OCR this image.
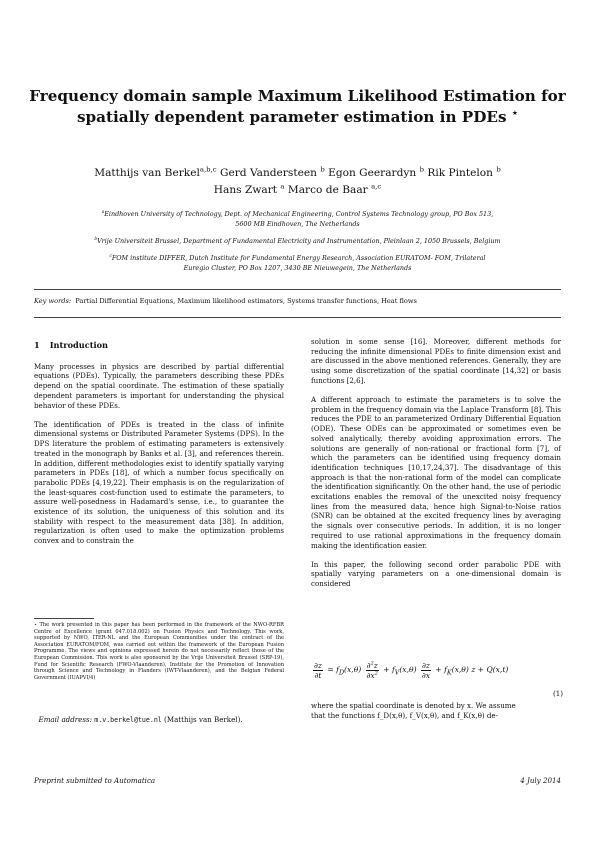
Frequency domain sample Maximum Likelihood Estimation for
spatially dependent parameter estimation in PDEs ⋆
Matthijs van Berkel$^{a,b,c}$ Gerd Vandersteen $^b$ Egon Geerardyn $^b$ Rik Pintelon $^b$
Hans Zwart $^a$ Marco de Baar $^{a,c}$
$^a$Eindhoven University of Technology, Dept. of Mechanical Engineering, Control Systems Technology group, PO Box 513,
5600 MB Eindhoven, The Netherlands
$^b$Vrije Universiteit Brussel, Department of Fundamental Electricity and Instrumentation, Pleinlaan 2, 1050 Brussels, Belgium
$^c$FOM institute DIFFER, Dutch Institute for Fundamental Energy Research, Association EURATOM- FOM, Trilateral
Euregio Cluster, PO Box 1207, 3430 BE Nieuwegein, The Netherlands
Key words: Partial Differential Equations, Maximum likelihood estimators, Systems transfer functions, Heat flows
1 Introduction

Many processes in physics are described by partial differential equations (PDEs). Typically, the parameters describing these PDEs depend on the spatial coordinate. The estimation of these spatially dependent parameters is important for understanding the physical behavior of these PDEs.

The identification of PDEs is treated in the class of infinite dimensional systems or Distributed Parameter Systems (DPS). In the DPS literature the problem of estimating parameters is extensively treated in the monograph by Banks et al. [3], and references therein. In addition, different methodologies exist to identify spatially varying parameters in PDEs [18], of which a number focus specifically on parabolic PDEs [4,19,22]. Their emphasis is on the regularization of the least-squares cost-function used to estimate the parameters, to assure well-posedness in Hadamard's sense, i.e., to guarantee the existence of its solution, the uniqueness of this solution and its stability with respect to the measurement data [38]. In addition, regularization is often used to make the optimization problems convex and to constrain the

⋆ The work presented in this paper has been performed in the framework of the NWO-RFBR Centre of Excellence (grant 047.018.002) on Fusion Physics and Technology. This work, supported by NWO, ITER-NL and the European Communities under the contract of the Association EURATOM/FOM, was carried out within the framework of the European Fusion Programme. The views and opinions expressed herein do not necessarily reflect those of the European Commission. This work is also sponsored by the Vrije Universiteit Brussel (SRP-19), Fund for Scientific Research (FWO-Vlaanderen), Institute for the Promotion of Innovation through Science and Technology in Flanders (IWT-Vlaanderen), and the Belgian Federal Government (IUAPVI/4)
Email address: m.v.berkel@tue.nl (Matthijs van Berkel).

solution in some sense [16]. Moreover, different methods for reducing the infinite dimensional PDEs to finite dimension exist and are discussed in the above mentioned references. Generally, they are using some discretization of the spatial coordinate [14,32] or basis functions [2,6].

A different approach to estimate the parameters is to solve the problem in the frequency domain via the Laplace Transform [8]. This reduces the PDE to an parameterized Ordinary Differential Equation (ODE). These ODEs can be approximated or sometimes even be solved analytically, thereby avoiding approximation errors. The solutions are generally of non-rational or fractional form [7], of which the parameters can be identified using frequency domain identification techniques [10,17,24,37]. The disadvantage of this approach is that the non-rational form of the model can complicate the identification significantly. On the other hand, the use of periodic excitations enables the removal of the unexcited noisy frequency lines from the measured data, hence high Signal-to-Noise ratios (SNR) can be obtained at the excited frequency lines by averaging the signals over consecutive periods. In addition, it is no longer required to use rational approximations in the frequency domain making the identification easier.

In this paper, the following second order parabolic PDE with spatially varying parameters on a one-dimensional domain is considered

$\frac{\partial z}{\partial t} = f_D(x,\theta) \frac{\partial^2z}{\partial x^2} + f_V(x,\theta) \frac{\partial z}{\partial x} + f_K(x,\theta) z + Q(x,t)$
(1)
where the spatial coordinate is denoted by x. We assume
that the functions f_D(x,θ), f_V(x,θ), and f_K(x,θ) de-
Preprint submitted to Automatica	4 July 2014
